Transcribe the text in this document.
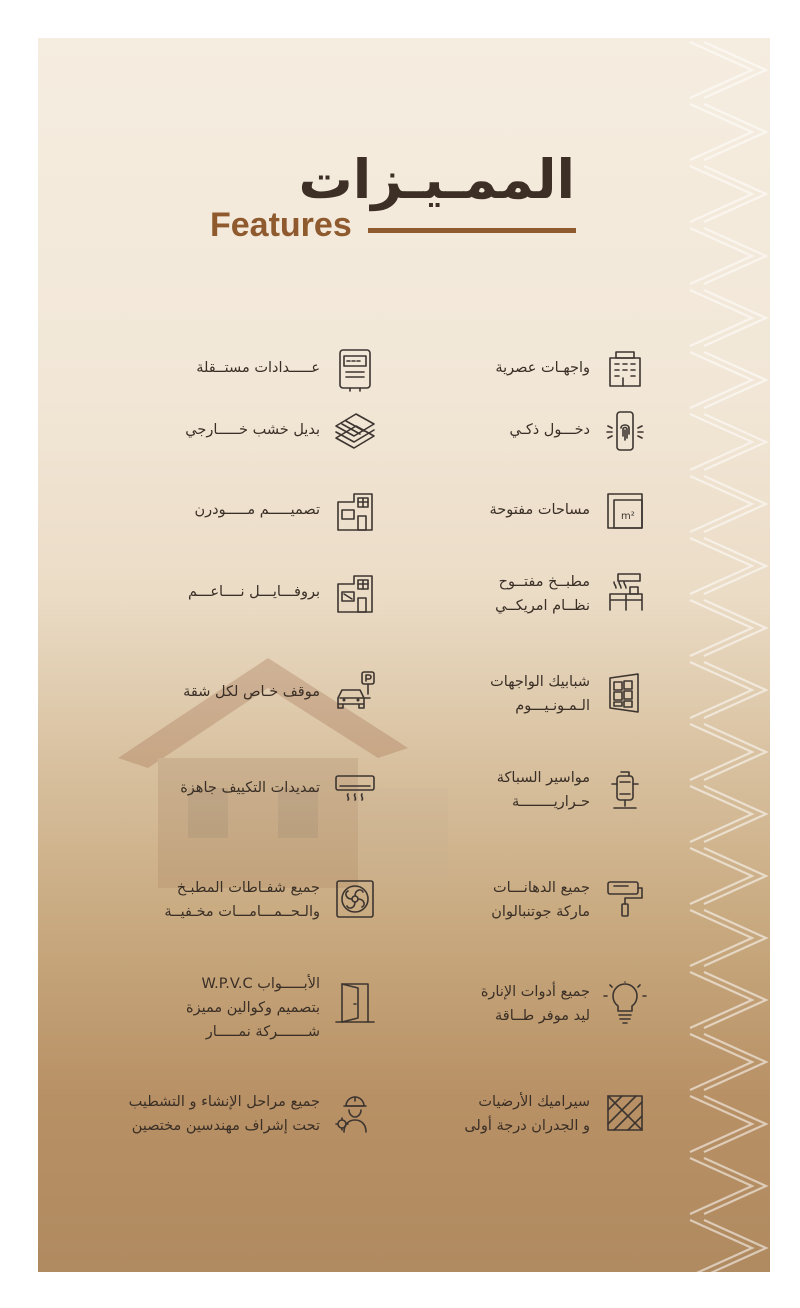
الممـيـزات
Features
واجهـات عصرية
دخـــول ذكـي
m²
مساحات مفتوحة
مطبــخ مفتــوح
نظــام امريكــي
شبابيك الواجهات
الـمـونـيـــوم
مواسير السباكة
حـراريــــــــة
جميع الدهانـــات
ماركة جوتنبالوان
جميع أدوات الإنارة
ليد موفر طــاقة
سيراميك الأرضيات
و الجدران درجة أولى
عـــــدادات مستــقلة
بديل خشب خـــــارجي
تصميـــــم مـــــودرن
بروفـــايـــل نــــاعـــم
موقف خـاص لكل شقة
تمديدات التكييف جاهزة
جميع شفـاطات المطبـخ
والـحــمـــامـــات مخـفيــة
الأبـــــواب W.P.V.C
بتصميم وكوالين مميزة
شـــــــركة نمـــــار
جميع مراحل الإنشاء و التشطيب
تحت إشراف مهندسين مختصين
